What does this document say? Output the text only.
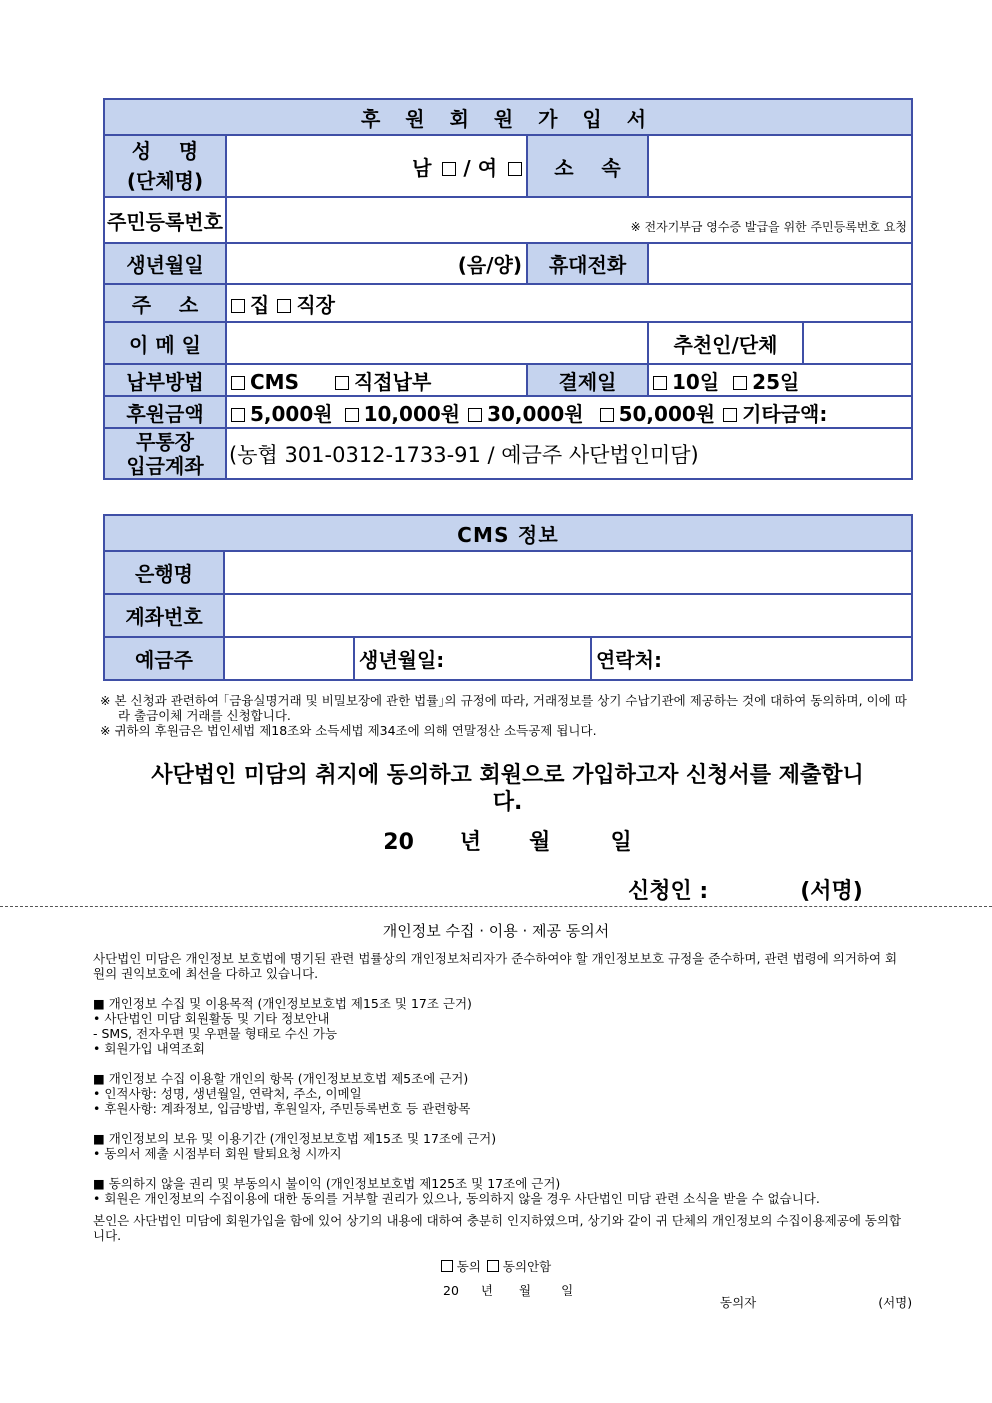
후 원 회 원 가 입 서				

성    명
(단체명)	남  / 여	소    속		
주민등록번호	※ 전자기부금 영수증 발급을 위한 주민등록번호 요청			
생년월일	(음/양)	휴대전화		
주    소	집 직장			
이 메 일			추천인/단체	
납부방법	CMS 직접납부	결제일	10일 25일	
후원금액	5,000원 10,000원 30,000원 50,000원 기타금액:			

무통장
입금계좌	(농협 301-0312-1733-91 / 예금주 사단법인미담)			
CMS 정보			
은행명			
계좌번호			
예금주		생년월일:	연락처:
※ 본 신청과 관련하여 ｢금융실명거래 및 비밀보장에 관한 법률｣의 규정에 따라, 거래정보를 상기 수납기관에 제공하는 것에 대하여 동의하며, 이에 따라 출금이체 거래를 신청합니다.
※ 귀하의 후원금은 법인세법 제18조와 소득세법 제34조에 의해 연말정산 소득공제 됩니다.
사단법인 미담의 취지에 동의하고 회원으로 가입하고자 신청서를 제출합니다.
20 년 월	일
신청인 :	(서명)
개인정보 수집 · 이용 · 제공 동의서

사단법인 미담은 개인정보 보호법에 명기된 관련 법률상의 개인정보처리자가 준수하여야 할 개인정보보호 규정을 준수하며, 관련 법령에 의거하여 회원의 권익보호에 최선을 다하고 있습니다.

■ 개인정보 수집 및 이용목적 (개인정보보호법 제15조 및 17조 근거)

• 사단법인 미담 회원활동 및 기타 정보안내

- SMS, 전자우편 및 우편물 형태로 수신 가능

• 회원가입 내역조회

■ 개인정보 수집 이용할 개인의 항목 (개인정보보호법 제5조에 근거)

• 인적사항: 성명, 생년월일, 연락처, 주소, 이메일

• 후원사항: 계좌정보, 입금방법, 후원일자, 주민등록번호 등 관련항목

■ 개인정보의 보유 및 이용기간 (개인정보보호법 제15조 및 17조에 근거)

• 동의서 제출 시점부터 회원 탈퇴요청 시까지

■ 동의하지 않을 권리 및 부동의시 불이익 (개인정보보호법 제125조 및 17조에 근거)

• 회원은 개인정보의 수집이용에 대한 동의를 거부할 권리가 있으나, 동의하지 않을 경우 사단법인 미담 관련 소식을 받을 수 없습니다.

본인은 사단법인 미담에 회원가입을 함에 있어 상기의 내용에 대하여 충분히 인지하였으며, 상기와 같이 귀 단체의 개인정보의 수집이용제공에 동의합니다.

동의 동의안함
20 년 월 일
동의자	(서명)
